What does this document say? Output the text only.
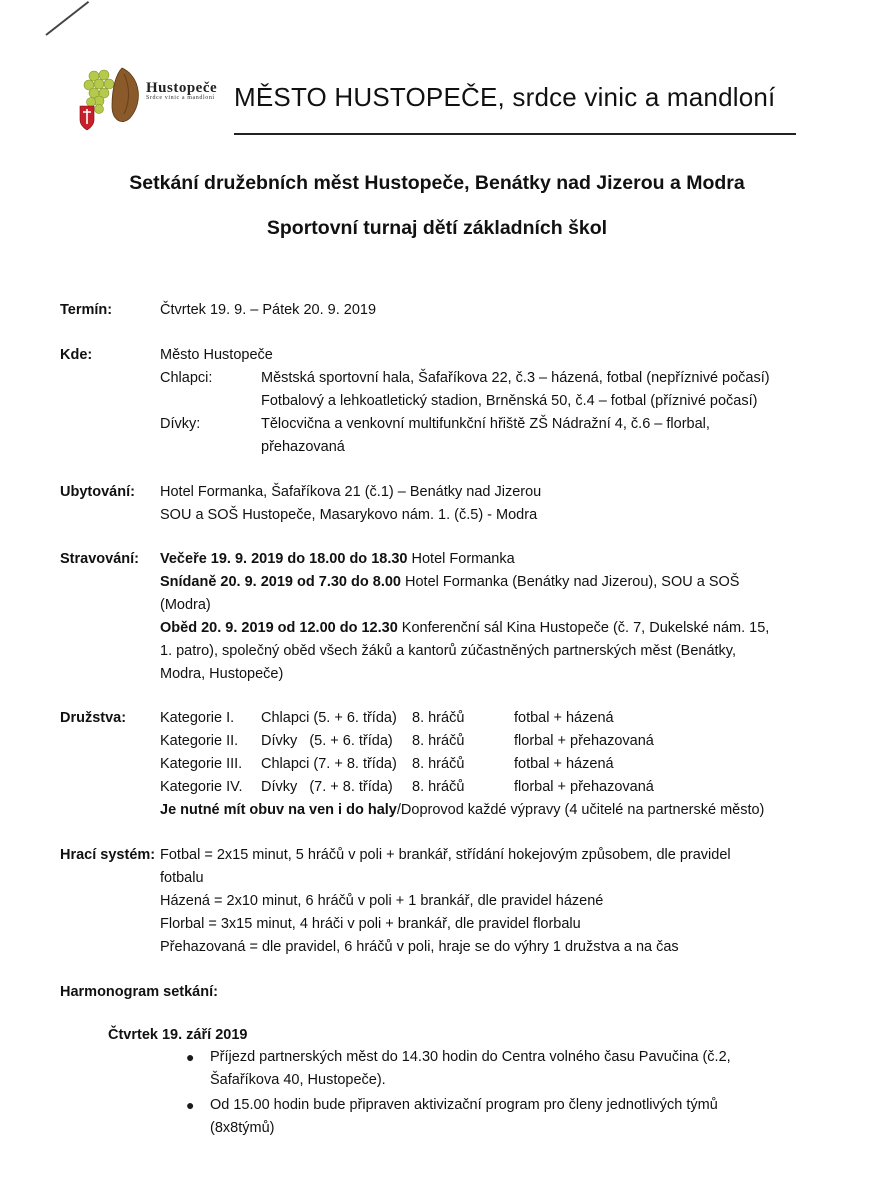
Hustopeče
Srdce vinic a mandloní MĚSTO HUSTOPEČE, srdce vinic a mandloní
Setkání družebních měst Hustopeče, Benátky nad Jizerou a Modra
Sportovní turnaj dětí základních škol
Termín:	Čtvrtek 19. 9. – Pátek 20. 9. 2019
Kde:	Město Hustopeče
Chlapci:	Městská sportovní hala, Šafaříkova 22, č.3 – házená, fotbal (nepříznivé počasí)
Fotbalový a lehkoatletický stadion, Brněnská 50, č.4 – fotbal (příznivé počasí)
Dívky:	Tělocvična a venkovní multifunkční hřiště ZŠ Nádražní 4, č.6 – florbal,
přehazovaná
Ubytování: Hotel Formanka, Šafaříkova 21 (č.1) – Benátky nad Jizerou
SOU a SOŠ Hustopeče, Masarykovo nám. 1. (č.5) - Modra
Stravování: Večeře 19. 9. 2019 do 18.00 do 18.30 Hotel Formanka
Snídaně 20. 9. 2019 od 7.30 do 8.00 Hotel Formanka (Benátky nad Jizerou), SOU a SOŠ
(Modra)
Oběd 20. 9. 2019 od 12.00 do 12.30 Konferenční sál Kina Hustopeče (č. 7, Dukelské nám. 15,
1. patro), společný oběd všech žáků a kantorů zúčastněných partnerských měst (Benátky,
Modra, Hustopeče)
Družstva: Kategorie I. Chlapci (5. + 6. třída) 8. hráčů	fotbal + házená
Kategorie II. Dívky   (5. + 6. třída) 8. hráčů	florbal + přehazovaná
Kategorie III. Chlapci (7. + 8. třída) 8. hráčů	fotbal + házená
Kategorie IV. Dívky   (7. + 8. třída) 8. hráčů	florbal + přehazovaná
Je nutné mít obuv na ven i do haly/Doprovod každé výpravy (4 učitelé na partnerské město)
Hrací systém: Fotbal = 2x15 minut, 5 hráčů v poli + brankář, střídání hokejovým způsobem, dle pravidel
fotbalu
Házená = 2x10 minut, 6 hráčů v poli + 1 brankář, dle pravidel házené
Florbal = 3x15 minut, 4 hráči v poli + brankář, dle pravidel florbalu
Přehazovaná = dle pravidel, 6 hráčů v poli, hraje se do výhry 1 družstva a na čas
Harmonogram setkání:
Čtvrtek 19. září 2019
● Příjezd partnerských měst do 14.30 hodin do Centra volného času Pavučina (č.2,
Šafaříkova 40, Hustopeče).
● Od 15.00 hodin bude připraven aktivizační program pro členy jednotlivých týmů
(8x8týmů)
